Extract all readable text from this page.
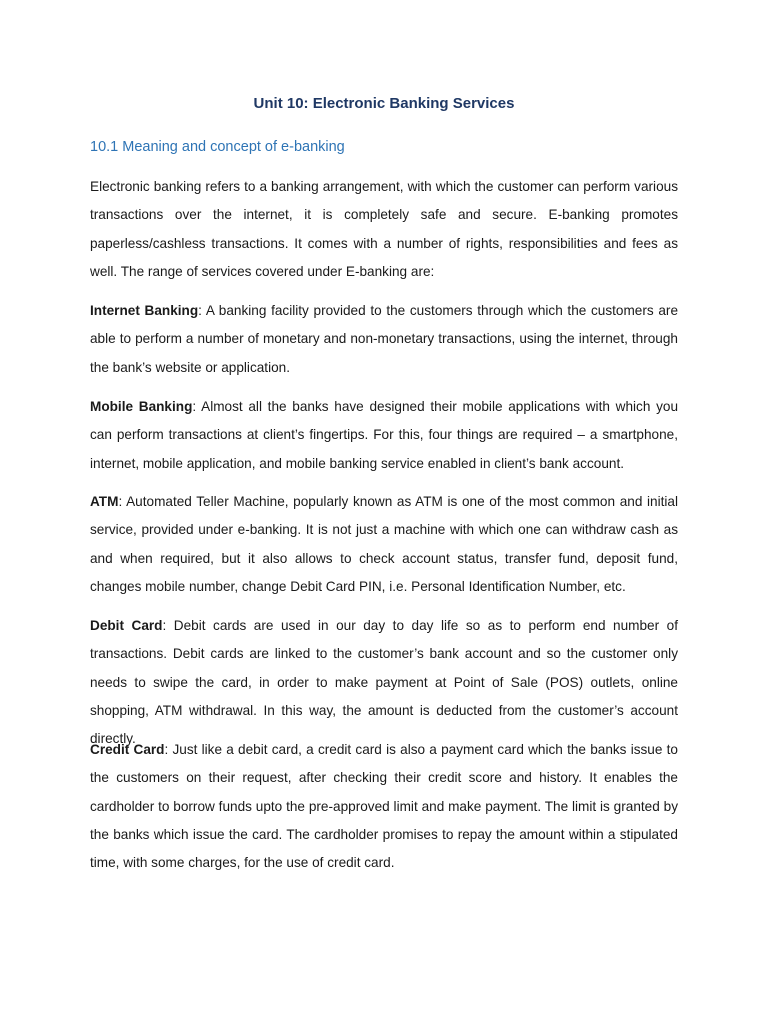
Unit 10: Electronic Banking Services
10.1 Meaning and concept of e-banking

Electronic banking refers to a banking arrangement, with which the customer can perform various transactions over the internet, it is completely safe and secure. E-banking promotes paperless/cashless transactions. It comes with a number of rights, responsibilities and fees as well. The range of services covered under E-banking are:

Internet Banking: A banking facility provided to the customers through which the customers are able to perform a number of monetary and non-monetary transactions, using the internet, through the bank’s website or application.

Mobile Banking: Almost all the banks have designed their mobile applications with which you can perform transactions at client’s fingertips. For this, four things are required – a smartphone, internet, mobile application, and mobile banking service enabled in client’s bank account.

ATM: Automated Teller Machine, popularly known as ATM is one of the most common and initial service, provided under e-banking. It is not just a machine with which one can withdraw cash as and when required, but it also allows to check account status, transfer fund, deposit fund, changes mobile number, change Debit Card PIN, i.e. Personal Identification Number, etc.

Debit Card: Debit cards are used in our day to day life so as to perform end number of transactions. Debit cards are linked to the customer’s bank account and so the customer only needs to swipe the card, in order to make payment at Point of Sale (POS) outlets, online shopping, ATM withdrawal. In this way, the amount is deducted from the customer’s account directly.

Credit Card: Just like a debit card, a credit card is also a payment card which the banks issue to the customers on their request, after checking their credit score and history. It enables the cardholder to borrow funds upto the pre-approved limit and make payment. The limit is granted by the banks which issue the card. The cardholder promises to repay the amount within a stipulated time, with some charges, for the use of credit card.
